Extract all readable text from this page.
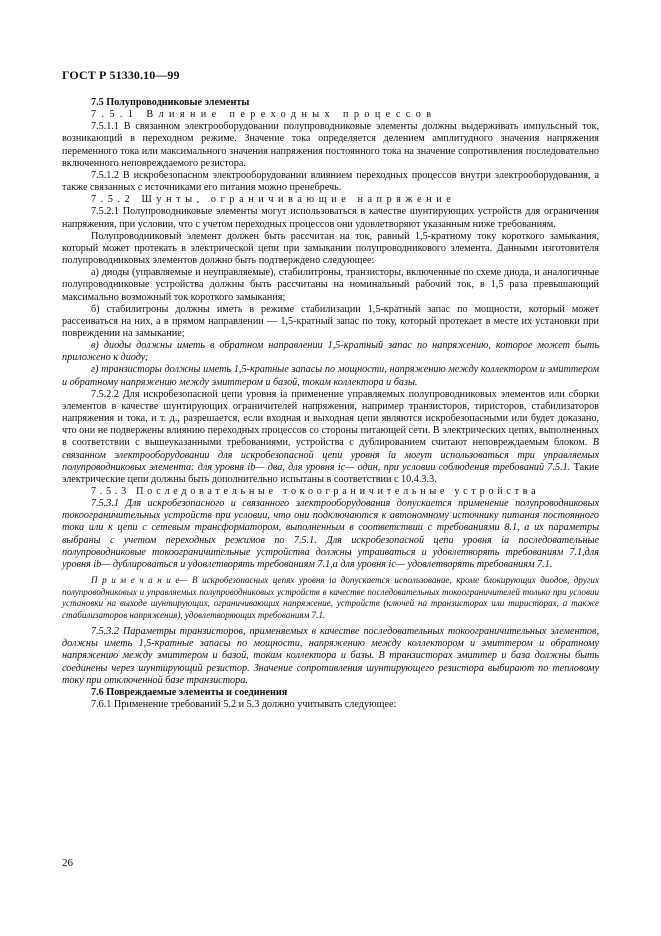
ГОСТ Р 51330.10—99

7.5 Полупроводниковые элементы

7.5.1 Влияние переходных процессов

7.5.1.1 В связанном электрооборудовании полупроводниковые элементы должны выдерживать импульсный ток, возникающий в переходном режиме. Значение тока определяется делением амплитудного значения напряжения переменного тока или максимального значения напряжения постоянного тока на значение сопротивления последовательно включенного неповреждаемого резистора.

7.5.1.2 В искробезопасном электрооборудовании влиянием переходных процессов внутри электрооборудования, а также связанных с источниками его питания можно пренебречь.

7.5.2 Шунты, ограничивающие напряжение

7.5.2.1 Полупроводниковые элементы могут использоваться в качестве шунтирующих устройств для ограничения напряжения, при условии, что с учетом переходных процессов они удовлетворяют указанным ниже требованиям.

Полупроводниковый элемент должен быть рассчитан на ток, равный 1,5-кратному току короткого замыкания, который может протекать в электрической цепи при замыкании полупроводникового элемента. Данными изготовителя полупроводниковых элементов должно быть подтверждено следующее:

а) диоды (управляемые и неуправляемые), стабилитроны, транзисторы, включенные по схеме диода, и аналогичные полупроводниковые устройства должны быть рассчитаны на номинальный рабочий ток, в 1,5 раза превышающий максимально возможный ток короткого замыкания;

б) стабилитроны должны иметь в режиме стабилизации 1,5-кратный запас по мощности, который может рассеиваться на них, а в прямом направлении — 1,5-кратный запас по току, который протекает в месте их установки при повреждении на замыкание;

в) диоды должны иметь в обратном направлении 1,5-кратный запас по напряжению, которое может быть приложено к диоду;

г) транзисторы должны иметь 1,5-кратные запасы по мощности, напряжению между коллектором и эмиттером и обратному напряжению между эмиттером и базой, токам коллектора и базы.

7.5.2.2 Для искробезопасной цепи уровня ia применение управляемых полупроводниковых элементов или сборки элементов в качестве шунтирующих ограничителей напряжения, например транзисторов, тиристоров, стабилизаторов напряжения и тока, и т. д., разрешается, если входная и выходная цепи являются искробезопасными или будет доказано, что они не подвержены влиянию переходных процессов со стороны питающей сети. В электрических цепях, выполненных в соответствии с вышеуказанными требованиями, устройства с дублированием считают неповреждаемым блоком. В связанном электрооборудовании для искробезопасной цепи уровня ia могут использоваться три управляемых полупроводниковых элемента: для уровня ib— два, для уровня ic— один, при условии соблюдения требований 7.5.1. Такие электрические цепи должны быть дополнительно испытаны в соответствии с 10.4.3.3.

7.5.3 Последовательные токоограничительные устройства

7.5.3.1 Для искробезопасного и связанного электрооборудования допускается применение полупроводниковых токоограничительных устройств при условии, что они подключаются к автономному источнику питания постоянного тока или к цепи с сетевым трансформатором, выполненным в соответствии с требованиями 8.1, а их параметры выбраны с учетом переходных режимов по 7.5.1. Для искробезопасной цепи уровня ia последовательные полупроводниковые токоограничительные устройства должны утраиваться и удовлетворять требованиям 7.1,для уровня ib— дублироваться и удовлетворять требованиям 7.1,а для уровня ic— удовлетворять требованиям 7.1.

П р и м е ч а н и е— В искробезопасных цепях уровня ia допускается использование, кроме блокирующих диодов, других полупроводниковых и управляемых полупроводниковых устройств в качестве последовательных токоограничителей только при условии установки на выходе шунтирующих, ограничивающих напряжение, устройств (ключей на транзисторах или тиристорах, а также стабилизаторов напряжения), удовлетворяющих требованиям 7.1.

7.5.3.2 Параметры транзисторов, применяемых в качестве последовательных токоограничительных элементов, должны иметь 1,5-кратные запасы по мощности, напряжению между коллектором и эмиттером и обратному напряжению между эмиттером и базой, токам коллектора и базы. В транзисторах эмиттер и база должны быть соединены через шунтирующий резистор. Значение сопротивления шунтирующего резистора выбирают по тепловому току при отключенной базе транзистора.

7.6 Повреждаемые элементы и соединения

7.6.1 Применение требований 5.2 и 5.3 должно учитывать следующее:

26
